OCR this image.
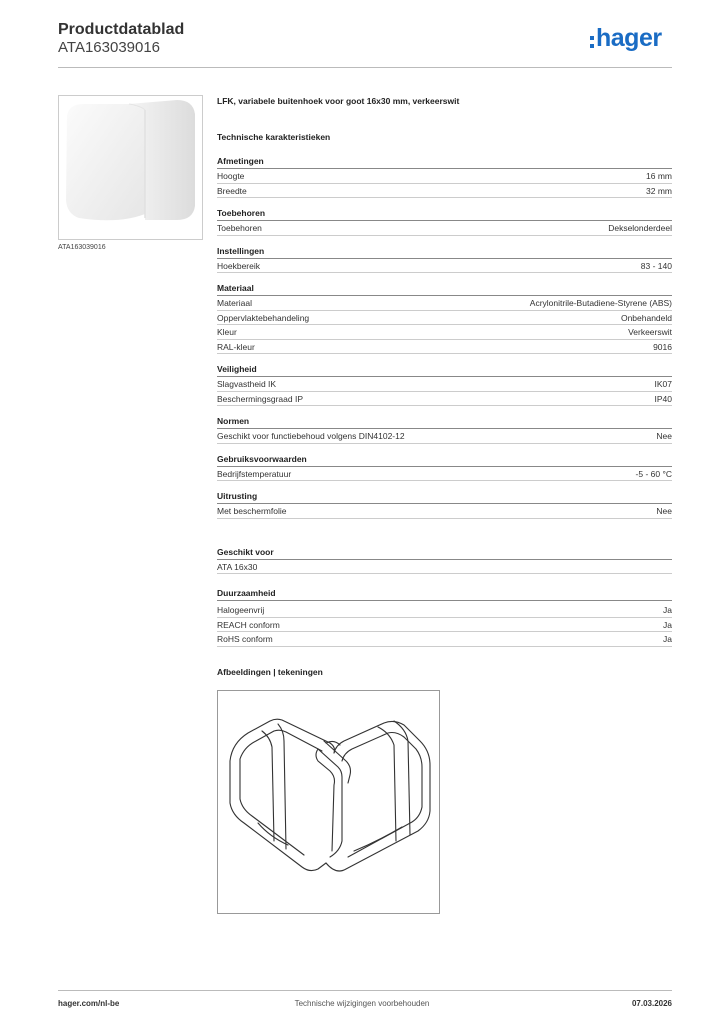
Productdatablad
ATA163039016	hager
ATA163039016
LFK, variabele buitenhoek voor goot 16x30 mm, verkeerswit
Technische karakteristieken
Afmetingen
Hoogte	16 mm
Breedte	32 mm
Toebehoren
Toebehoren	Dekselonderdeel
Instellingen
Hoekbereik	83 - 140
Materiaal
Materiaal	Acrylonitrile-Butadiene-Styrene (ABS)
Oppervlaktebehandeling	Onbehandeld
Kleur	Verkeerswit
RAL-kleur	9016
Veiligheid
Slagvastheid IK	IK07
Beschermingsgraad IP	IP40
Normen
Geschikt voor functiebehoud volgens DIN4102-12	Nee
Gebruiksvoorwaarden
Bedrijfstemperatuur	-5 - 60 °C
Uitrusting
Met beschermfolie	Nee
Geschikt voor
ATA 16x30
Duurzaamheid
Halogeenvrij	Ja
REACH conform	Ja
RoHS conform	Ja
Afbeeldingen | tekeningen
hager.com/nl-be	Technische wijzigingen voorbehouden	07.03.2026
